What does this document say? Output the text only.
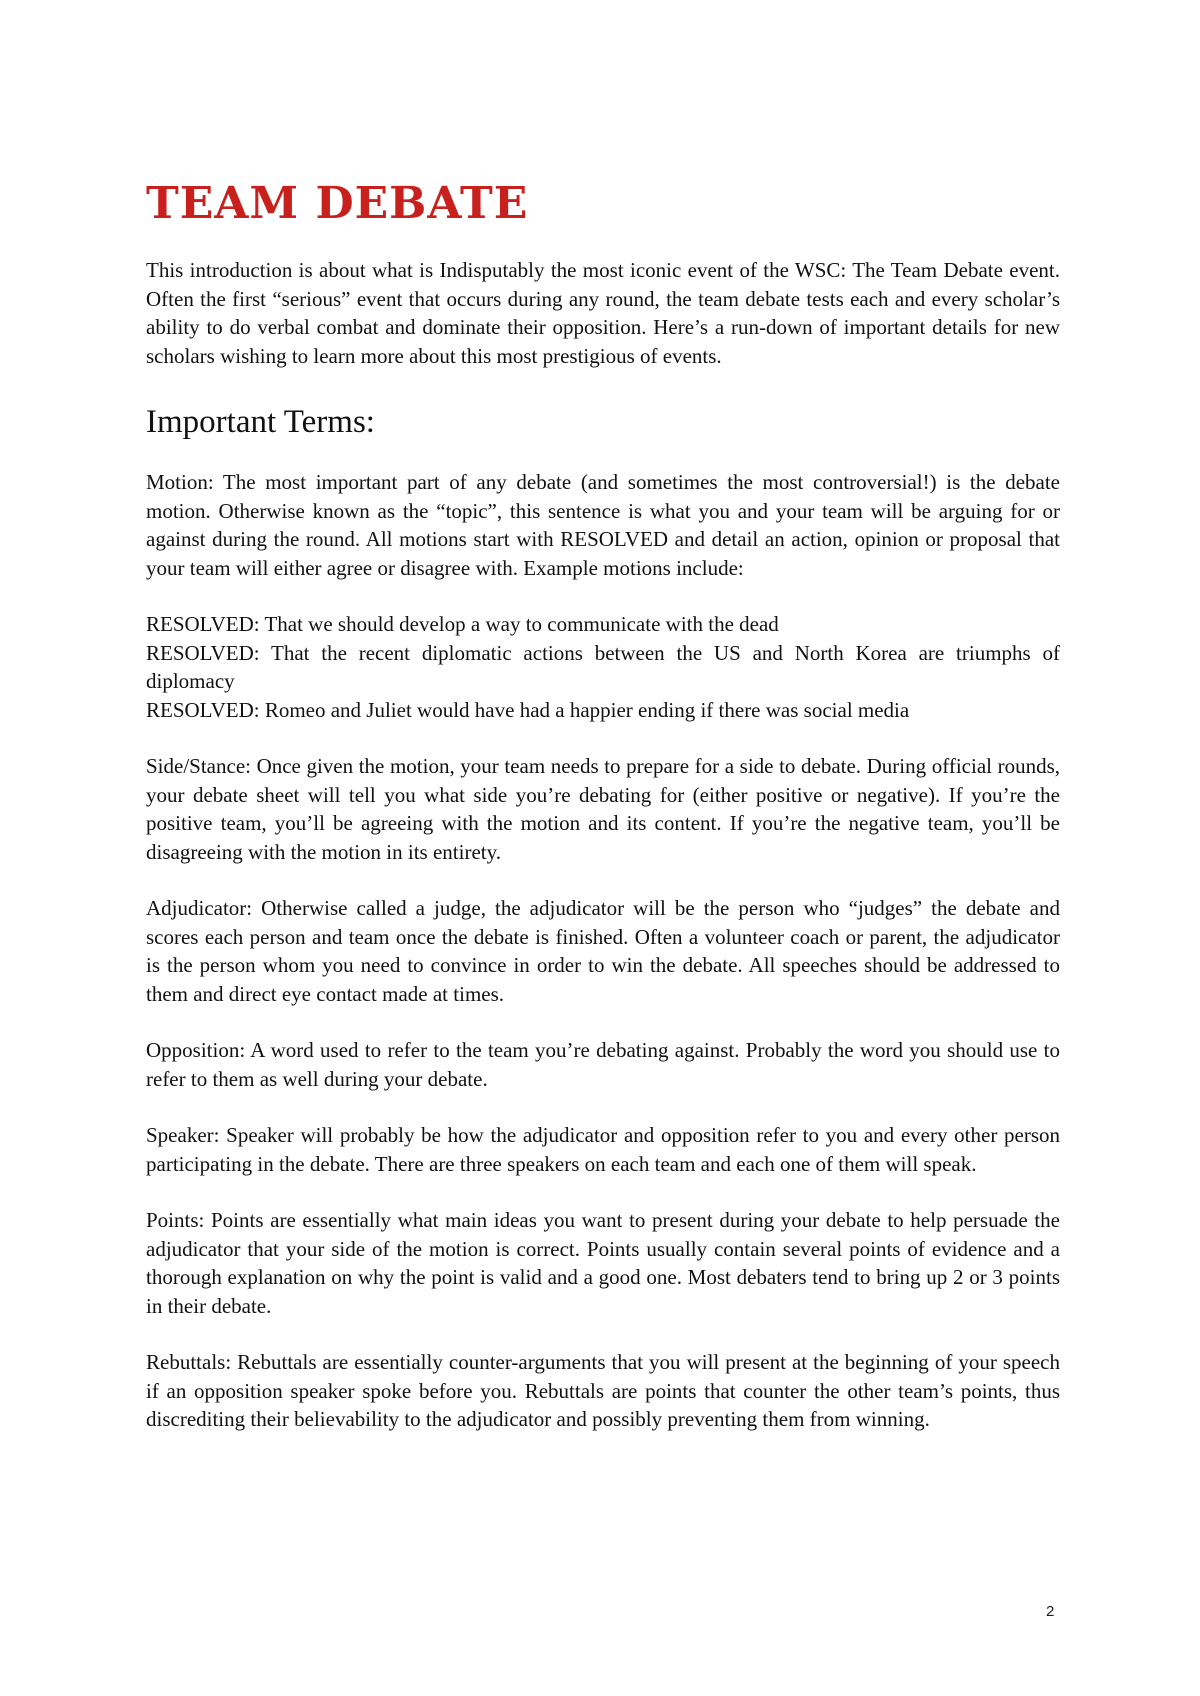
TEAM DEBATE

This introduction is about what is Indisputably the most iconic event of the WSC: The Team Debate event. Often the first “serious” event that occurs during any round, the team debate tests each and every scholar’s ability to do verbal combat and dominate their opposition. Here’s a run-down of important details for new scholars wishing to learn more about this most prestigious of events.

Important Terms:

Motion: The most important part of any debate (and sometimes the most controversial!) is the debate motion. Otherwise known as the “topic”, this sentence is what you and your team will be arguing for or against during the round. All motions start with RESOLVED and detail an action, opinion or proposal that your team will either agree or disagree with. Example motions include:

RESOLVED: That we should develop a way to communicate with the dead
RESOLVED: That the recent diplomatic actions between the US and North Korea are triumphs of diplomacy
RESOLVED: Romeo and Juliet would have had a happier ending if there was social media

Side/Stance: Once given the motion, your team needs to prepare for a side to debate. During official rounds, your debate sheet will tell you what side you’re debating for (either positive or negative). If you’re the positive team, you’ll be agreeing with the motion and its content. If you’re the negative team, you’ll be disagreeing with the motion in its entirety.

Adjudicator: Otherwise called a judge, the adjudicator will be the person who “judges” the debate and scores each person and team once the debate is finished. Often a volunteer coach or parent, the adjudicator is the person whom you need to convince in order to win the debate. All speeches should be addressed to them and direct eye contact made at times.

Opposition: A word used to refer to the team you’re debating against. Probably the word you should use to refer to them as well during your debate.

Speaker: Speaker will probably be how the adjudicator and opposition refer to you and every other person participating in the debate. There are three speakers on each team and each one of them will speak.

Points: Points are essentially what main ideas you want to present during your debate to help persuade the adjudicator that your side of the motion is correct. Points usually contain several points of evidence and a thorough explanation on why the point is valid and a good one. Most debaters tend to bring up 2 or 3 points in their debate.

Rebuttals: Rebuttals are essentially counter-arguments that you will present at the beginning of your speech if an opposition speaker spoke before you. Rebuttals are points that counter the other team’s points, thus discrediting their believability to the adjudicator and possibly preventing them from winning.

2
